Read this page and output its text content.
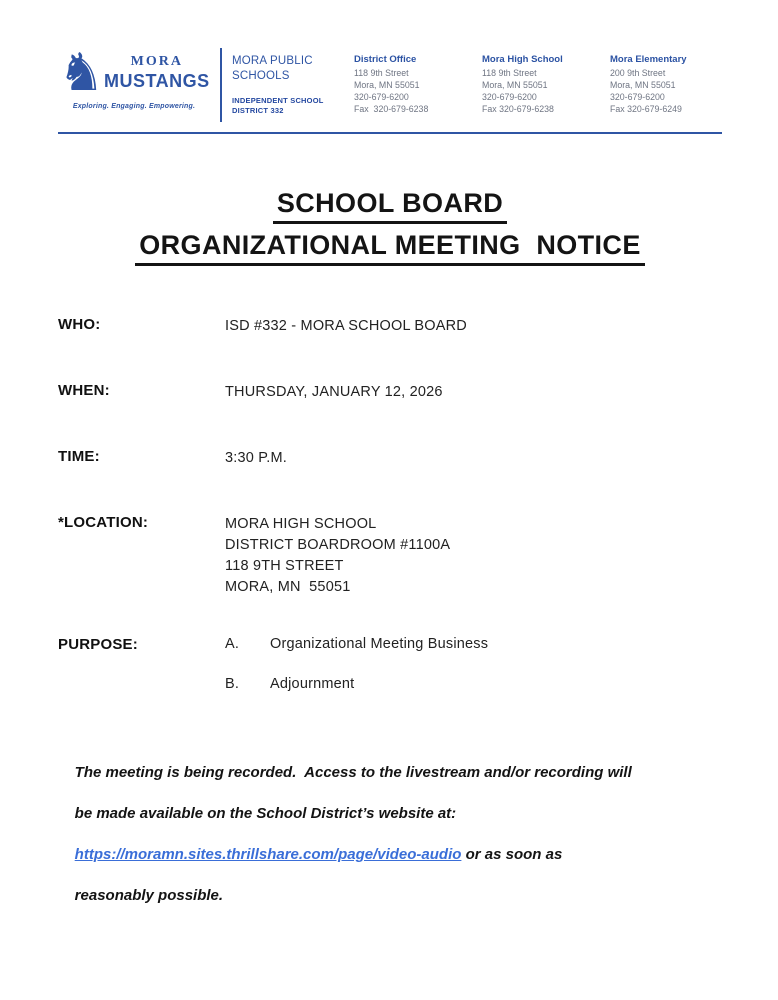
♞ MORA
MUSTANGS
Exploring. Engaging. Empowering.
MORA PUBLIC
SCHOOLS
INDEPENDENT SCHOOL
DISTRICT 332
District Office
118 9th Street
Mora, MN 55051
320-679-6200
Fax  320-679-6238
Mora High School
118 9th Street
Mora, MN 55051
320-679-6200
Fax 320-679-6238
Mora Elementary
200 9th Street
Mora, MN 55051
320-679-6200
Fax 320-679-6249
SCHOOL BOARD
ORGANIZATIONAL MEETING  NOTICE
WHO:	ISD #332 - MORA SCHOOL BOARD
WHEN:	THURSDAY, JANUARY 12, 2026
TIME:	3:30 P.M.
*LOCATION:	MORA HIGH SCHOOL
DISTRICT BOARDROOM #1100A
118 9TH STREET
MORA, MN  55051
PURPOSE:	A.	Organizational Meeting Business
B.	Adjournment

The meeting is being recorded.  Access to the livestream and/or recording will

be made available on the School District’s website at:

https://moramn.sites.thrillshare.com/page/video-audio or as soon as

reasonably possible.
